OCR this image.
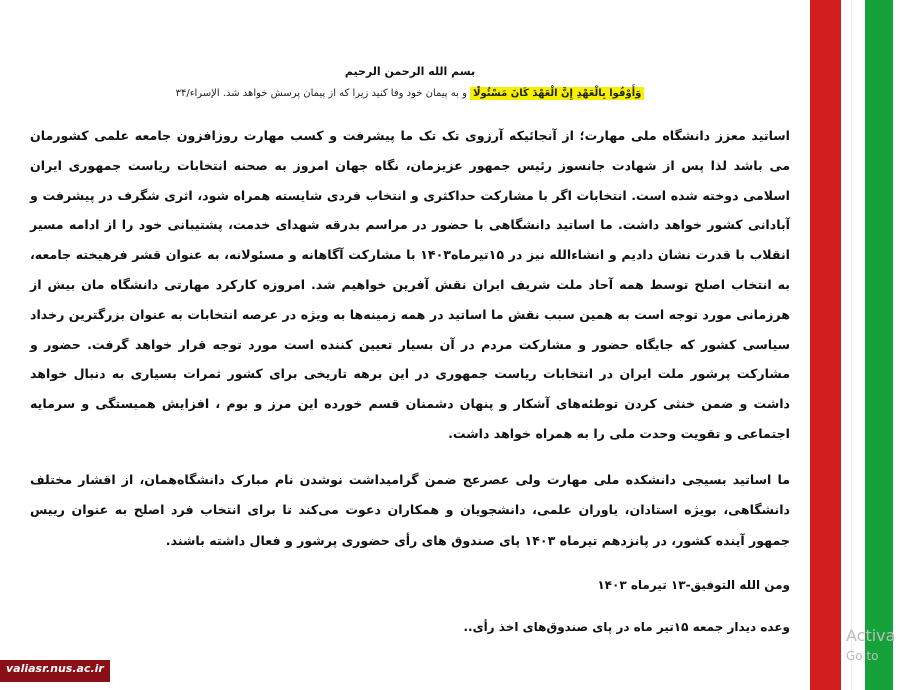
بسم الله الرحمن الرحیم
وَأَوْفُوا بِالْعَهْدِ إِنَّ الْعَهْدَ كَانَ مَسْئُولًا و به پیمان خود وفا کنید زیرا که از پیمان پرسش خواهد شد. الإسراء/۳۴

اساتید معزز دانشگاه ملی مهارت؛ از آنجائیکه آرزوی تک تک ما پیشرفت و کسب مهارت روزافزون جامعه علمی کشورمان می باشد لذا پس از شهادت جانسوز رئیس جمهور عزیزمان، نگاه جهان امروز به صحنه انتخابات ریاست جمهوری ایران اسلامی دوخته شده است. انتخابات اگر با مشارکت حداکثری و انتخاب فردی شایسته همراه شود، اثری شگرف در پیشرفت و آبادانی کشور خواهد داشت. ما اساتید دانشگاهی با حضور در مراسم بدرقه شهدای خدمت، پشتیبانی خود را از ادامه مسیر انقلاب با قدرت نشان دادیم و انشاءالله نیز در ۱۵تیرماه۱۴۰۳ با مشارکت آگاهانه و مسئولانه، به عنوان قشر فرهیخته جامعه، به انتخاب اصلح توسط همه آحاد ملت شریف ایران نقش آفرین خواهیم شد. امروزه کارکرد مهارتی دانشگاه مان بیش از هرزمانی مورد توجه است به همین سبب نقش ما اساتید در همه زمینه‌ها به ویژه در عرصه انتخابات به عنوان بزرگترین رخداد سیاسی کشور که جایگاه حضور و مشارکت مردم در آن بسیار تعیین کننده است مورد توجه قرار خواهد گرفت. حضور و مشارکت پرشور ملت ایران در انتخابات ریاست جمهوری در این برهه تاریخی برای کشور ثمرات بسیاری به دنبال خواهد داشت و ضمن خنثی کردن توطئه‌های آشکار و پنهان دشمنان قسم خورده این مرز و بوم ، افزایش همبستگی و سرمایه اجتماعی و تقویت وحدت ملی را به همراه خواهد داشت.

ما اساتید بسیجی دانشکده ملی مهارت ولی عصرعج ضمن گرامیداشت نوشدن نام مبارک دانشگاه‌همان، از اقشار مختلف دانشگاهی، بویژه استادان، یاوران علمی، دانشجویان و همکاران دعوت می‌کند تا برای انتخاب فرد اصلح به عنوان رییس جمهور آینده کشور، در پانزدهم تیرماه ۱۴۰۳ پای صندوق های رأی حضوری پرشور و فعال داشته باشند.

ومن الله التوفیق-۱۳ تیرماه ۱۴۰۳
وعده دیدار جمعه ۱۵تیر ماه در پای صندوق‌های اخذ رأی..	Activa
Go to
valiasr.nus.ac.ir
